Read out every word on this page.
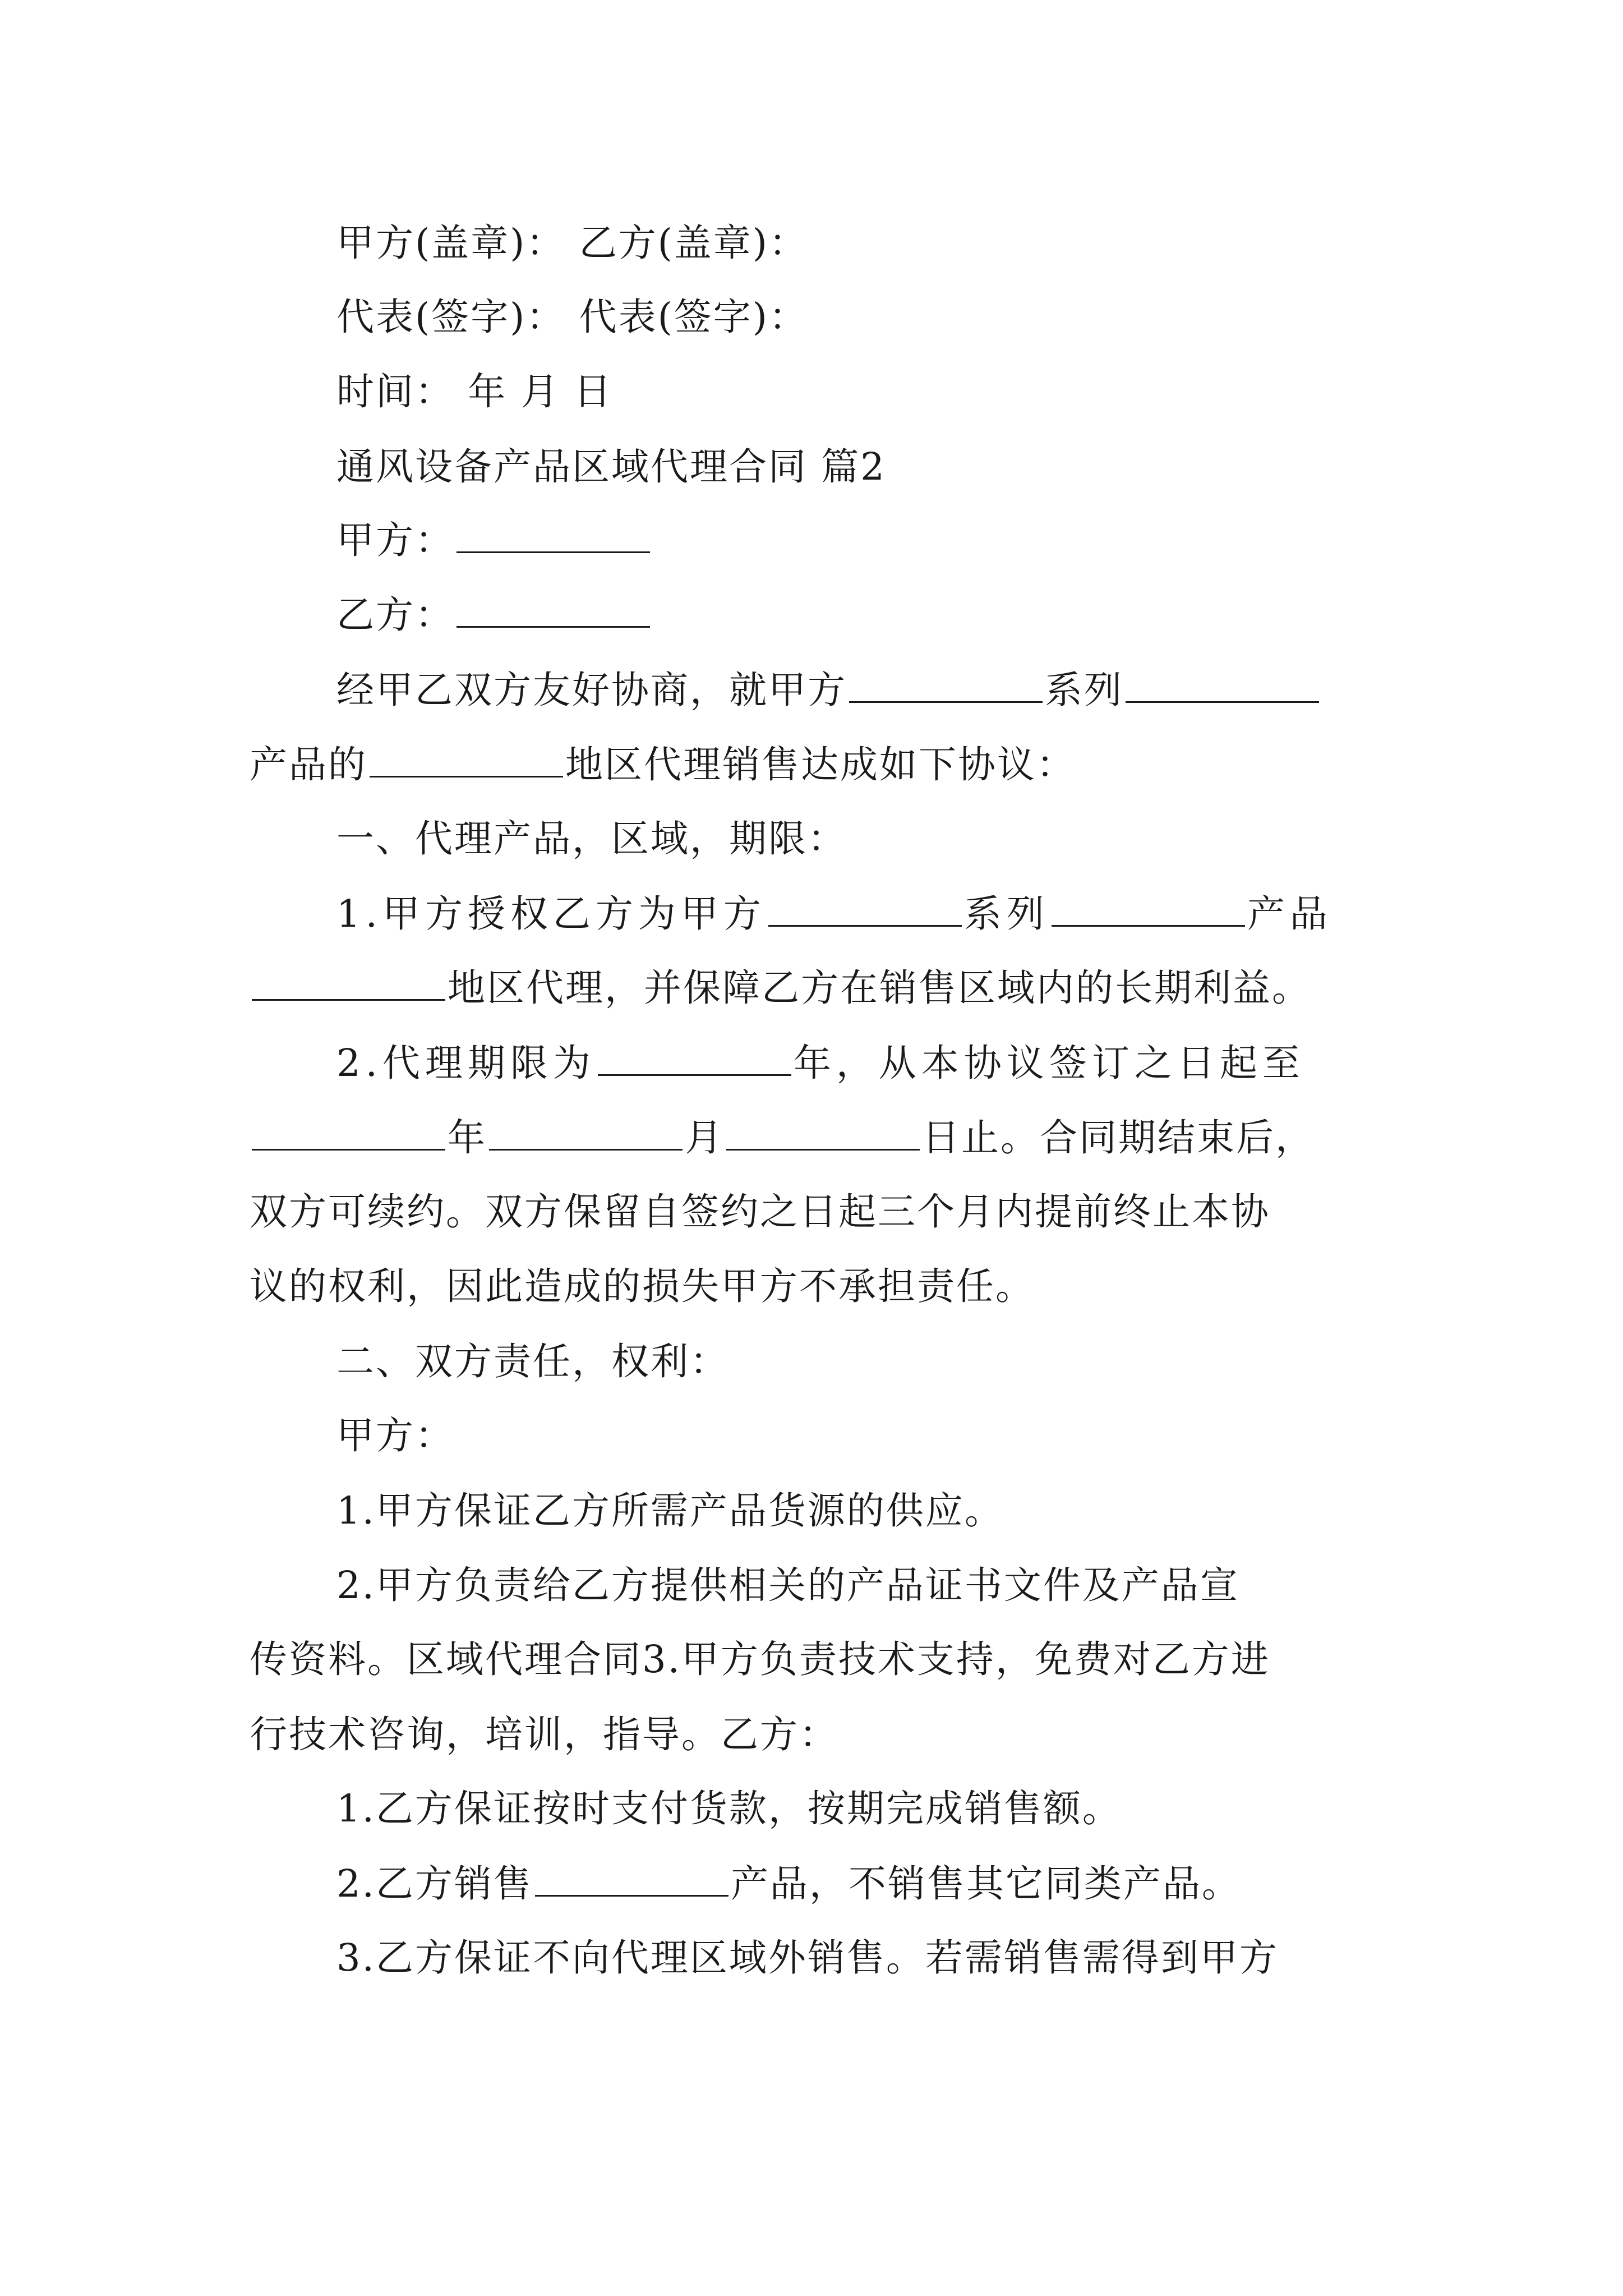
甲方(盖章)： 乙方(盖章)：
代表(签字)： 代表(签字)：
时间： 年 月 日
通风设备产品区域代理合同 篇2
甲方：
乙方：
经甲乙双方友好协商，就甲方	系列
产品的	地区代理销售达成如下协议：
一、代理产品，区域，期限：
1.甲方授权乙方为甲方	系列	产品
地区代理，并保障乙方在销售区域内的长期利益。
2.代理期限为	年，从本协议签订之日起至
年	月	日止。合同期结束后，
双方可续约。双方保留自签约之日起三个月内提前终止本协
议的权利，因此造成的损失甲方不承担责任。
二、双方责任，权利：
甲方：
1.甲方保证乙方所需产品货源的供应。
2.甲方负责给乙方提供相关的产品证书文件及产品宣
传资料。区域代理合同3.甲方负责技术支持，免费对乙方进
行技术咨询，培训，指导。乙方：
1.乙方保证按时支付货款，按期完成销售额。
2.乙方销售	产品，不销售其它同类产品。
3.乙方保证不向代理区域外销售。若需销售需得到甲方
